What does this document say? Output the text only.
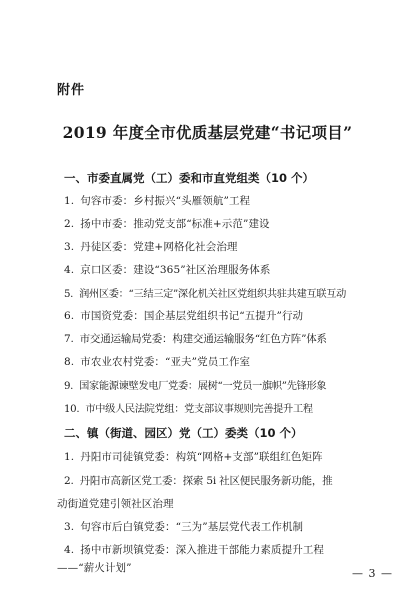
附件
2019 年度全市优质基层党建“书记项目”
一、市委直属党（工）委和市直党组类（10 个）
1. 句容市委：乡村振兴“头雁领航”工程
2. 扬中市委：推动党支部“标准+示范”建设
3. 丹徒区委：党建+网格化社会治理
4. 京口区委：建设“365”社区治理服务体系
5. 润州区委：“三结三定”深化机关社区党组织共驻共建互联互动
6. 市国资党委：国企基层党组织书记“五提升”行动
7. 市交通运输局党委：构建交通运输服务“红色方阵”体系
8. 市农业农村党委：“亚夫”党员工作室
9. 国家能源谏壁发电厂党委：展树“一党员一旗帜”先锋形象
10. 市中级人民法院党组：党支部议事规则完善提升工程
二、镇（街道、园区）党（工）委类（10 个）
1. 丹阳市司徒镇党委：构筑“网格+支部”联组红色矩阵
2. 丹阳市高新区党工委：探索 5i 社区便民服务新功能，推
动街道党建引领社区治理
3. 句容市后白镇党委：“三为”基层党代表工作机制
4. 扬中市新坝镇党委：深入推进干部能力素质提升工程
——“薪火计划”	— 3 —
